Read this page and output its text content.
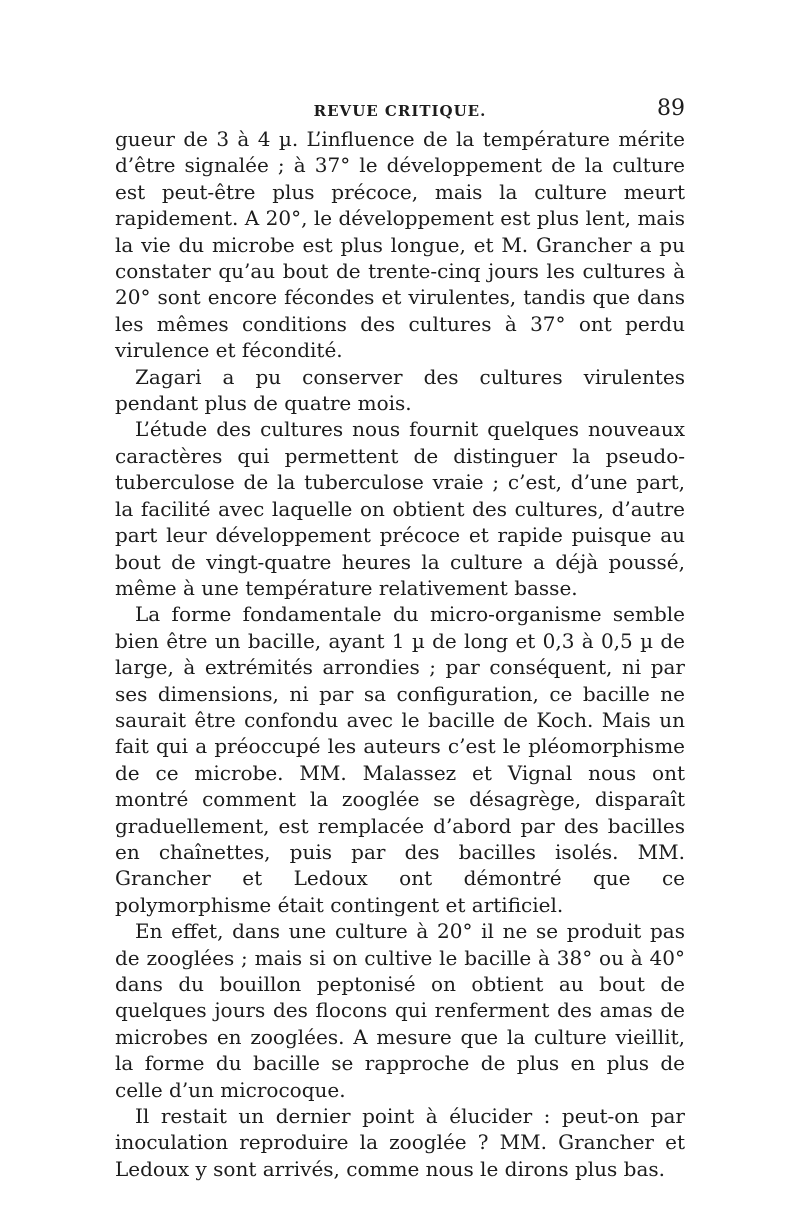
REVUE CRITIQUE.	89

gueur de 3 à 4 µ. L’influence de la température mérite d’être signalée ; à 37° le développement de la culture est peut-être plus précoce, mais la culture meurt rapidement. A 20°, le développement est plus lent, mais la vie du microbe est plus longue, et M. Grancher a pu constater qu’au bout de trente-cinq jours les cultures à 20° sont encore fécondes et virulentes, tandis que dans les mêmes conditions des cultures à 37° ont perdu virulence et fécondité.

Zagari a pu conserver des cultures virulentes pendant plus de quatre mois.

L’étude des cultures nous fournit quelques nouveaux caractères qui permettent de distinguer la pseudo-tuberculose de la tuberculose vraie ; c’est, d’une part, la facilité avec laquelle on obtient des cultures, d’autre part leur développement précoce et rapide puisque au bout de vingt-quatre heures la culture a déjà poussé, même à une température relativement basse.

La forme fondamentale du micro-organisme semble bien être un bacille, ayant 1 µ de long et 0,3 à 0,5 µ de large, à extrémités arrondies ; par conséquent, ni par ses dimensions, ni par sa configuration, ce bacille ne saurait être confondu avec le bacille de Koch. Mais un fait qui a préoccupé les auteurs c’est le pléomorphisme de ce microbe. MM. Malassez et Vignal nous ont montré comment la zooglée se désagrège, disparaît graduellement, est remplacée d’abord par des bacilles en chaînettes, puis par des bacilles isolés. MM. Grancher et Ledoux ont démontré que ce polymorphisme était contingent et artificiel.

En effet, dans une culture à 20° il ne se produit pas de zooglées ; mais si on cultive le bacille à 38° ou à 40° dans du bouillon peptonisé on obtient au bout de quelques jours des flocons qui renferment des amas de microbes en zooglées. A mesure que la culture vieillit, la forme du bacille se rapproche de plus en plus de celle d’un microcoque.

Il restait un dernier point à élucider : peut-on par inoculation reproduire la zooglée ? MM. Grancher et Ledoux y sont arrivés, comme nous le dirons plus bas.
